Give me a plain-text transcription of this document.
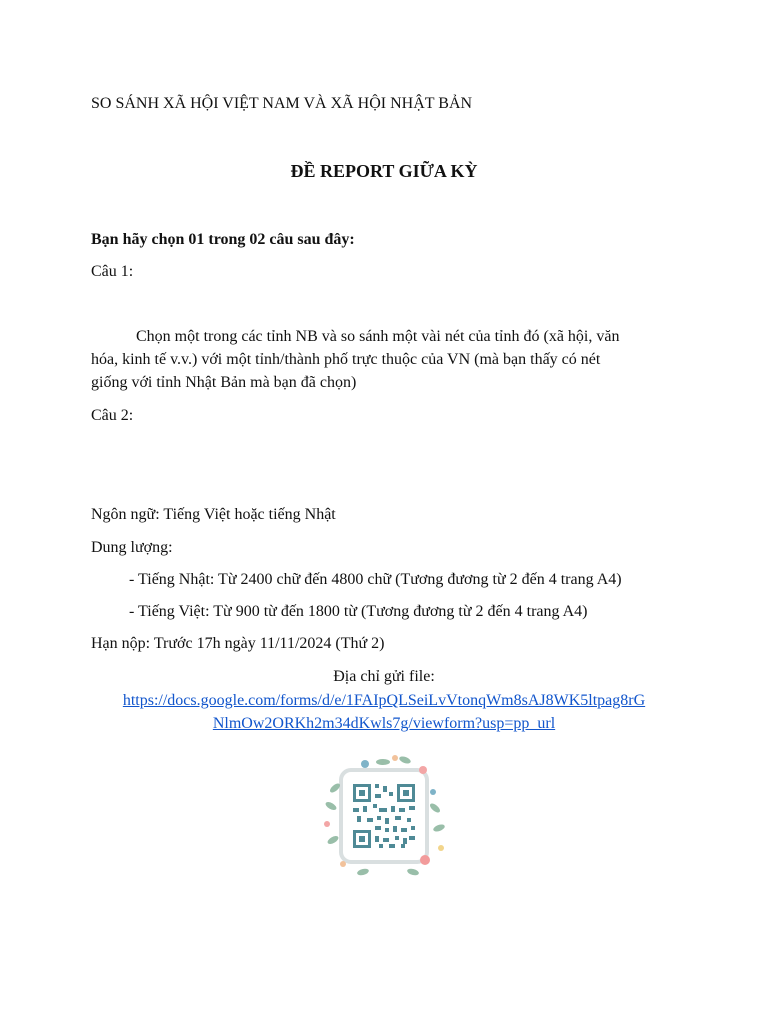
SO SÁNH XÃ HỘI VIỆT NAM VÀ XÃ HỘI NHẬT BẢN
ĐỀ REPORT GIỮA KỲ
Bạn hãy chọn 01 trong 02 câu sau đây:
Câu 1:
Chọn một trong các tỉnh NB và so sánh một vài nét của tỉnh đó (xã hội, văn
hóa, kinh tế v.v.) với một tỉnh/thành phố trực thuộc của VN (mà bạn thấy có nét
giống với tỉnh Nhật Bản mà bạn đã chọn)
Câu 2:
Ngôn ngữ: Tiếng Việt hoặc tiếng Nhật
Dung lượng:
- Tiếng Nhật: Từ 2400 chữ đến 4800 chữ (Tương đương từ 2 đến 4 trang A4)
- Tiếng Việt: Từ 900 từ đến 1800 từ (Tương đương từ 2 đến 4 trang A4)
Hạn nộp: Trước 17h ngày 11/11/2024 (Thứ 2)
Địa chỉ gửi file:
https://docs.google.com/forms/d/e/1FAIpQLSeiLvVtonqWm8sAJ8WK5ltpag8rG
NlmOw2ORKh2m34dKwls7g/viewform?usp=pp_url
